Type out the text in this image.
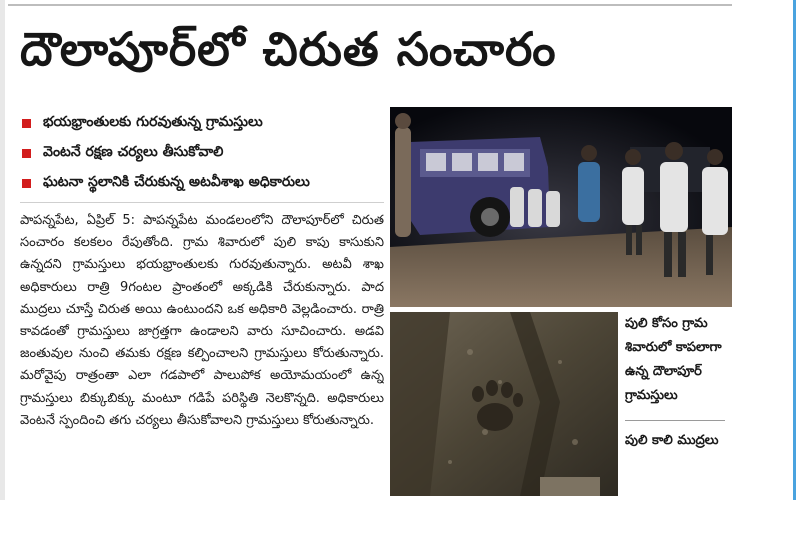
దౌలాపూర్‌లో చిరుత సంచారం
భయభ్రాంతులకు గురవుతున్న గ్రామస్తులు
వెంటనే రక్షణ చర్యలు తీసుకోవాలి
ఘటనా స్థలానికి చేరుకున్న అటవీశాఖ అధికారులు

పాపన్నపేట, ఏప్రిల్ 5: పాపన్నపేట మండలంలోని దౌలాపూర్‌లో చిరుత సంచారం కలకలం రేపుతోంది. గ్రామ శివారులో పులి కాపు కాసుకుని ఉన్నదని గ్రామస్తులు భయభ్రాంతులకు గురవుతున్నారు. అటవీ శాఖ అధికారులు రాత్రి 9గంటల ప్రాంతంలో అక్కడికి చేరుకున్నారు. పాద ముద్రలు చూస్తే చిరుత అయి ఉంటుందని ఒక అధికారి వెల్లడించారు. రాత్రి కావడంతో గ్రామస్తులు జాగ్రత్తగా ఉండాలని వారు సూచించారు. అడవి జంతువుల నుంచి తమకు రక్షణ కల్పించాలని గ్రామస్తులు కోరుతున్నారు. మరోవైపు రాత్రంతా ఎలా గడపాలో పాలుపోక అయోమయంలో ఉన్న గ్రామస్తులు బిక్కుబిక్కు మంటూ గడిపే పరిస్థితి నెలకొన్నది. అధికారులు వెంటనే స్పందించి తగు చర్యలు తీసుకోవాలని గ్రామస్తులు కోరుతున్నారు.

పులి కోసం గ్రామ శివారులో కాపలాగా ఉన్న దౌలాపూర్ గ్రామస్తులు
పులి కాలి ముద్రలు
